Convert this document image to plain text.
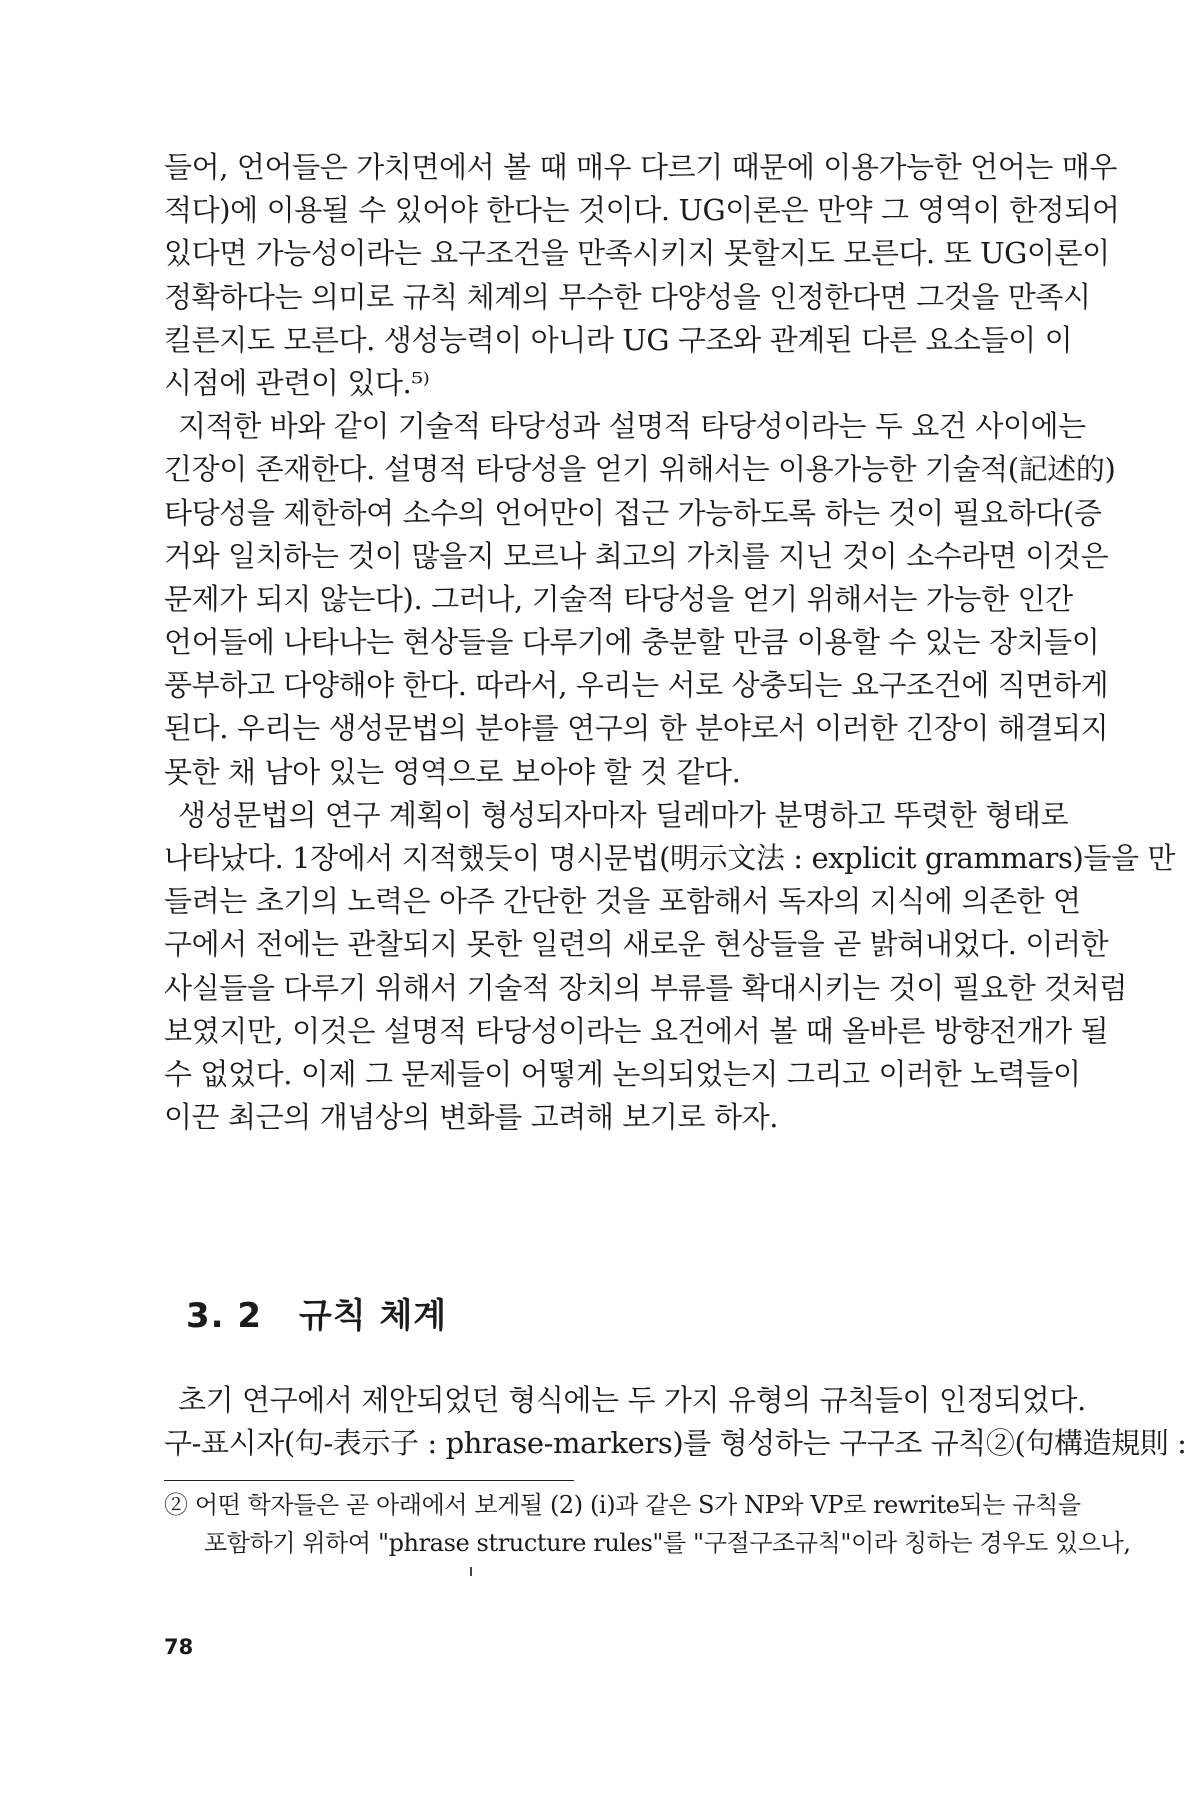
들어, 언어들은 가치면에서 볼 때 매우 다르기 때문에 이용가능한 언어는 매우
적다)에 이용될 수 있어야 한다는 것이다. UG이론은 만약 그 영역이 한정되어
있다면 가능성이라는 요구조건을 만족시키지 못할지도 모른다. 또 UG이론이
정확하다는 의미로 규칙 체계의 무수한 다양성을 인정한다면 그것을 만족시
킬른지도 모른다. 생성능력이 아니라 UG 구조와 관계된 다른 요소들이 이
시점에 관련이 있다.⁵⁾
지적한 바와 같이 기술적 타당성과 설명적 타당성이라는 두 요건 사이에는
긴장이 존재한다. 설명적 타당성을 얻기 위해서는 이용가능한 기술적(記述的)
타당성을 제한하여 소수의 언어만이 접근 가능하도록 하는 것이 필요하다(증
거와 일치하는 것이 많을지 모르나 최고의 가치를 지닌 것이 소수라면 이것은
문제가 되지 않는다). 그러나, 기술적 타당성을 얻기 위해서는 가능한 인간
언어들에 나타나는 현상들을 다루기에 충분할 만큼 이용할 수 있는 장치들이
풍부하고 다양해야 한다. 따라서, 우리는 서로 상충되는 요구조건에 직면하게
된다. 우리는 생성문법의 분야를 연구의 한 분야로서 이러한 긴장이 해결되지
못한 채 남아 있는 영역으로 보아야 할 것 같다.
생성문법의 연구 계획이 형성되자마자 딜레마가 분명하고 뚜렷한 형태로
나타났다. 1장에서 지적했듯이 명시문법(明示文法 : explicit grammars)들을 만
들려는 초기의 노력은 아주 간단한 것을 포함해서 독자의 지식에 의존한 연
구에서 전에는 관찰되지 못한 일련의 새로운 현상들을 곧 밝혀내었다. 이러한
사실들을 다루기 위해서 기술적 장치의 부류를 확대시키는 것이 필요한 것처럼
보였지만, 이것은 설명적 타당성이라는 요건에서 볼 때 올바른 방향전개가 될
수 없었다. 이제 그 문제들이 어떻게 논의되었는지 그리고 이러한 노력들이
이끈 최근의 개념상의 변화를 고려해 보기로 하자.
3. 2 규칙 체계
초기 연구에서 제안되었던 형식에는 두 가지 유형의 규칙들이 인정되었다.
구-표시자(句-表示子 : phrase-markers)를 형성하는 구구조 규칙②(句構造規則 :
② 어떤 학자들은 곧 아래에서 보게될 (2) (i)과 같은 S가 NP와 VP로 rewrite되는 규칙을
포함하기 위하여 "phrase structure rules"를 "구절구조규칙"이라 칭하는 경우도 있으나,
78
